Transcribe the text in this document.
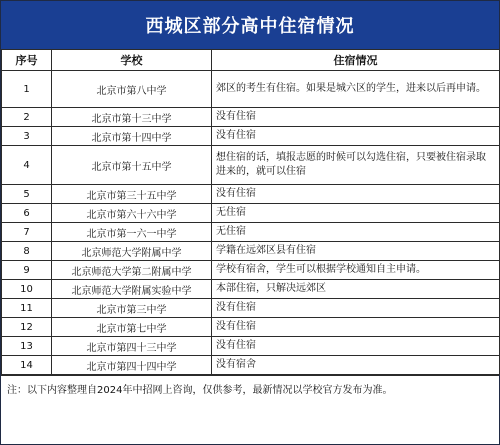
西城区部分高中住宿情况
序号	学校	住宿情况
1	北京市第八中学	郊区的考生有住宿。如果是城六区的学生，进来以后再申请。
2	北京市第十三中学	没有住宿
3	北京市第十四中学	没有住宿
4	北京市第十五中学	想住宿的话，填报志愿的时候可以勾选住宿，只要被住宿录取进来的，就可以住宿
5	北京市第三十五中学	没有住宿
6	北京市第六十六中学	无住宿
7	北京市第一六一中学	无住宿
8	北京师范大学附属中学	学籍在远郊区县有住宿
9	北京师范大学第二附属中学	学校有宿舍，学生可以根据学校通知自主申请。
10	北京师范大学附属实验中学	本部住宿，只解决远郊区
11	北京市第三中学	没有住宿
12	北京市第七中学	没有住宿
13	北京市第四十三中学	没有住宿
14	北京市第四十四中学	没有宿舍
注：以下内容整理自2024年中招网上咨询，仅供参考，最新情况以学校官方发布为准。
